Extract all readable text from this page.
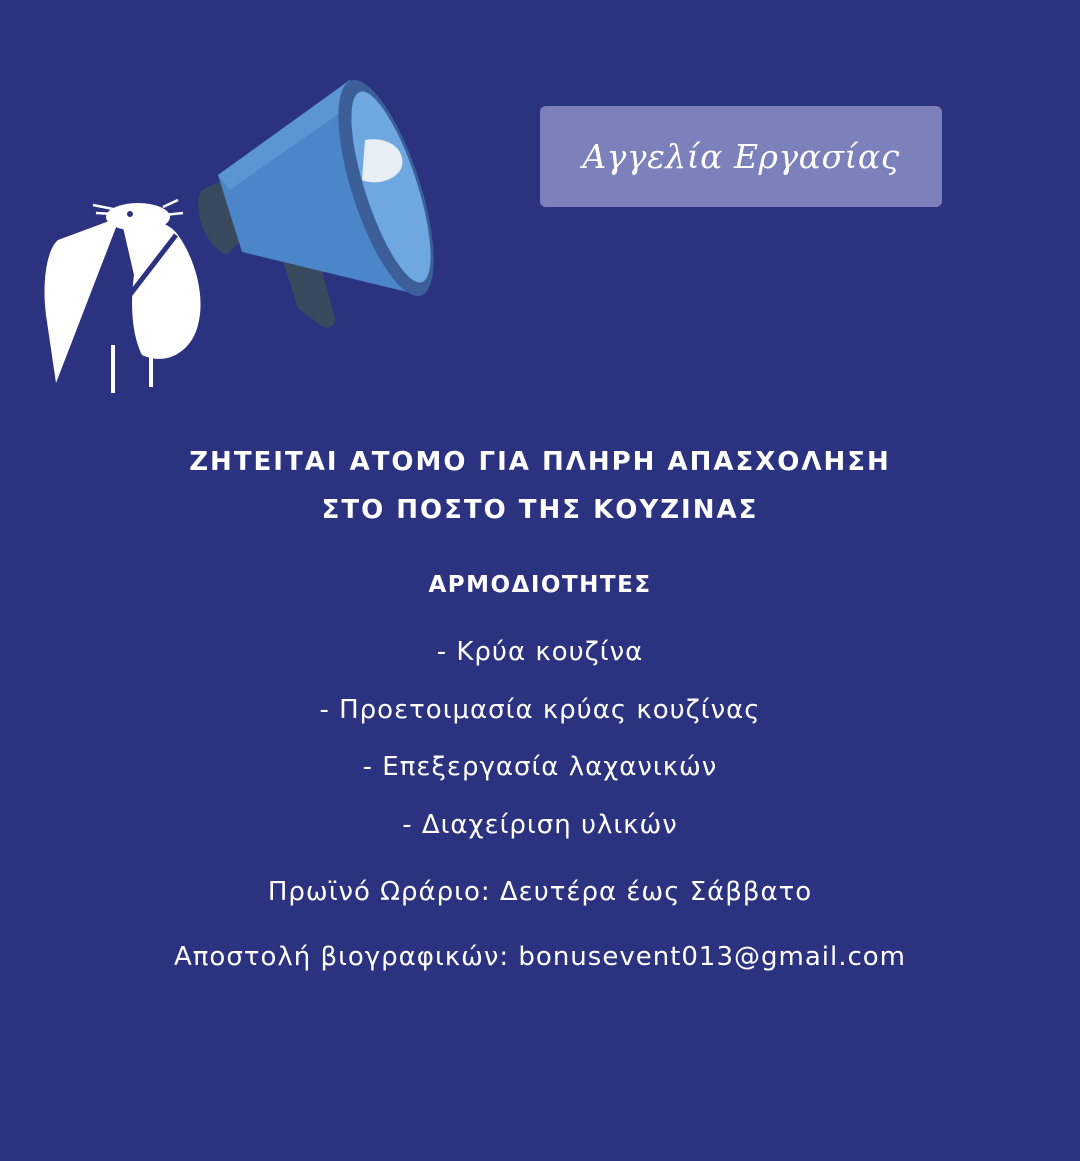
Αγγελία Εργασίας
ΖΗΤΕΙΤΑΙ ΑΤΟΜΟ ΓΙΑ ΠΛΗΡΗ ΑΠΑΣΧΟΛΗΣΗ
ΣΤΟ ΠΟΣΤΟ ΤΗΣ ΚΟΥΖΙΝΑΣ
ΑΡΜΟΔΙΟΤΗΤΕΣ
- Κρύα κουζίνα
- Προετοιμασία κρύας κουζίνας
- Επεξεργασία λαχανικών
- Διαχείριση υλικών
Πρωϊνό Ωράριο: Δευτέρα έως Σάββατο
Αποστολή βιογραφικών: bonusevent013@gmail.com
